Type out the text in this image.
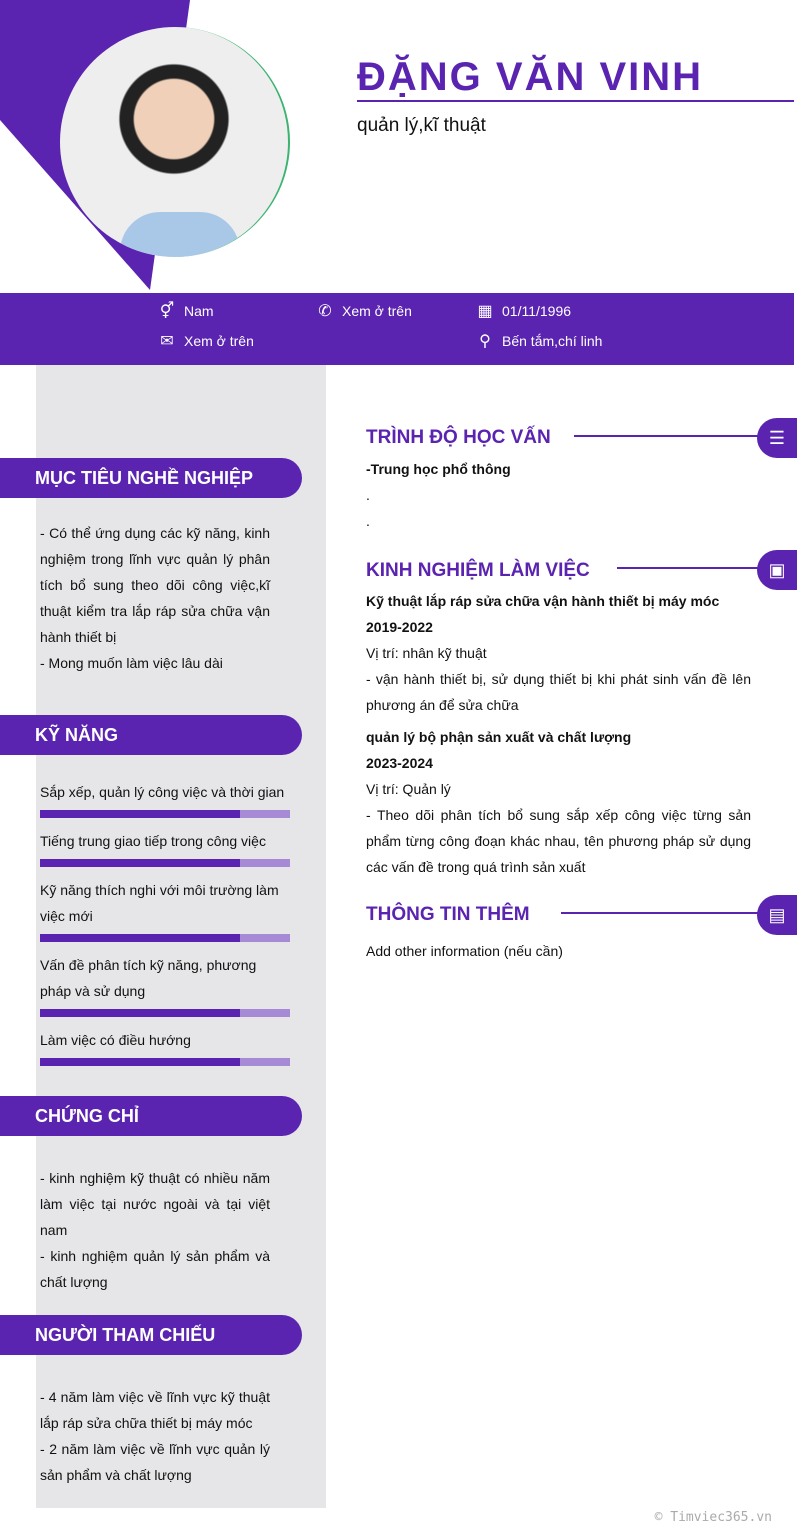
ĐẶNG VĂN VINH
quản lý,kĩ thuật
⚥ Nam	✆ Xem ở trên	▦ 01/11/1996
✉ Xem ở trên	⚲ Bến tắm,chí linh
MỤC TIÊU NGHỀ NGHIỆP
- Có thể ứng dụng các kỹ năng, kinh nghiệm trong lĩnh vực quản lý phân tích bổ sung theo dõi công việc,kĩ thuật kiểm tra lắp ráp sửa chữa vận hành thiết bị
- Mong muốn làm việc lâu dài
KỸ NĂNG
Sắp xếp, quản lý công việc và thời gian
Tiếng trung giao tiếp trong công việc
Kỹ năng thích nghi với môi trường làm việc mới
Vấn đề phân tích kỹ năng, phương pháp và sử dụng
Làm việc có điều hướng
CHỨNG CHỈ
- kinh nghiệm kỹ thuật có nhiều năm làm việc tại nước ngoài và tại việt nam
- kinh nghiệm quản lý sản phẩm và chất lượng
NGƯỜI THAM CHIẾU
- 4 năm làm việc về lĩnh vực kỹ thuật lắp ráp sửa chữa thiết bị máy móc
- 2 năm làm việc về lĩnh vực quản lý sản phẩm và chất lượng
TRÌNH ĐỘ HỌC VẤN	☰
-Trung học phổ thông
.
.
KINH NGHIỆM LÀM VIỆC	▣
Kỹ thuật lắp ráp sửa chữa vận hành thiết bị máy móc
2019-2022
Vị trí: nhân kỹ thuật
- vận hành thiết bị, sử dụng thiết bị khi phát sinh vấn đề lên phương án để sửa chữa
quản lý bộ phận sản xuất và chất lượng
2023-2024
Vị trí: Quản lý
- Theo dõi phân tích bổ sung sắp xếp công việc từng sản phẩm từng công đoạn khác nhau, tên phương pháp sử dụng các vấn đề trong quá trình sản xuất
THÔNG TIN THÊM	▤
Add other information (nếu cần)
© Timviec365.vn
